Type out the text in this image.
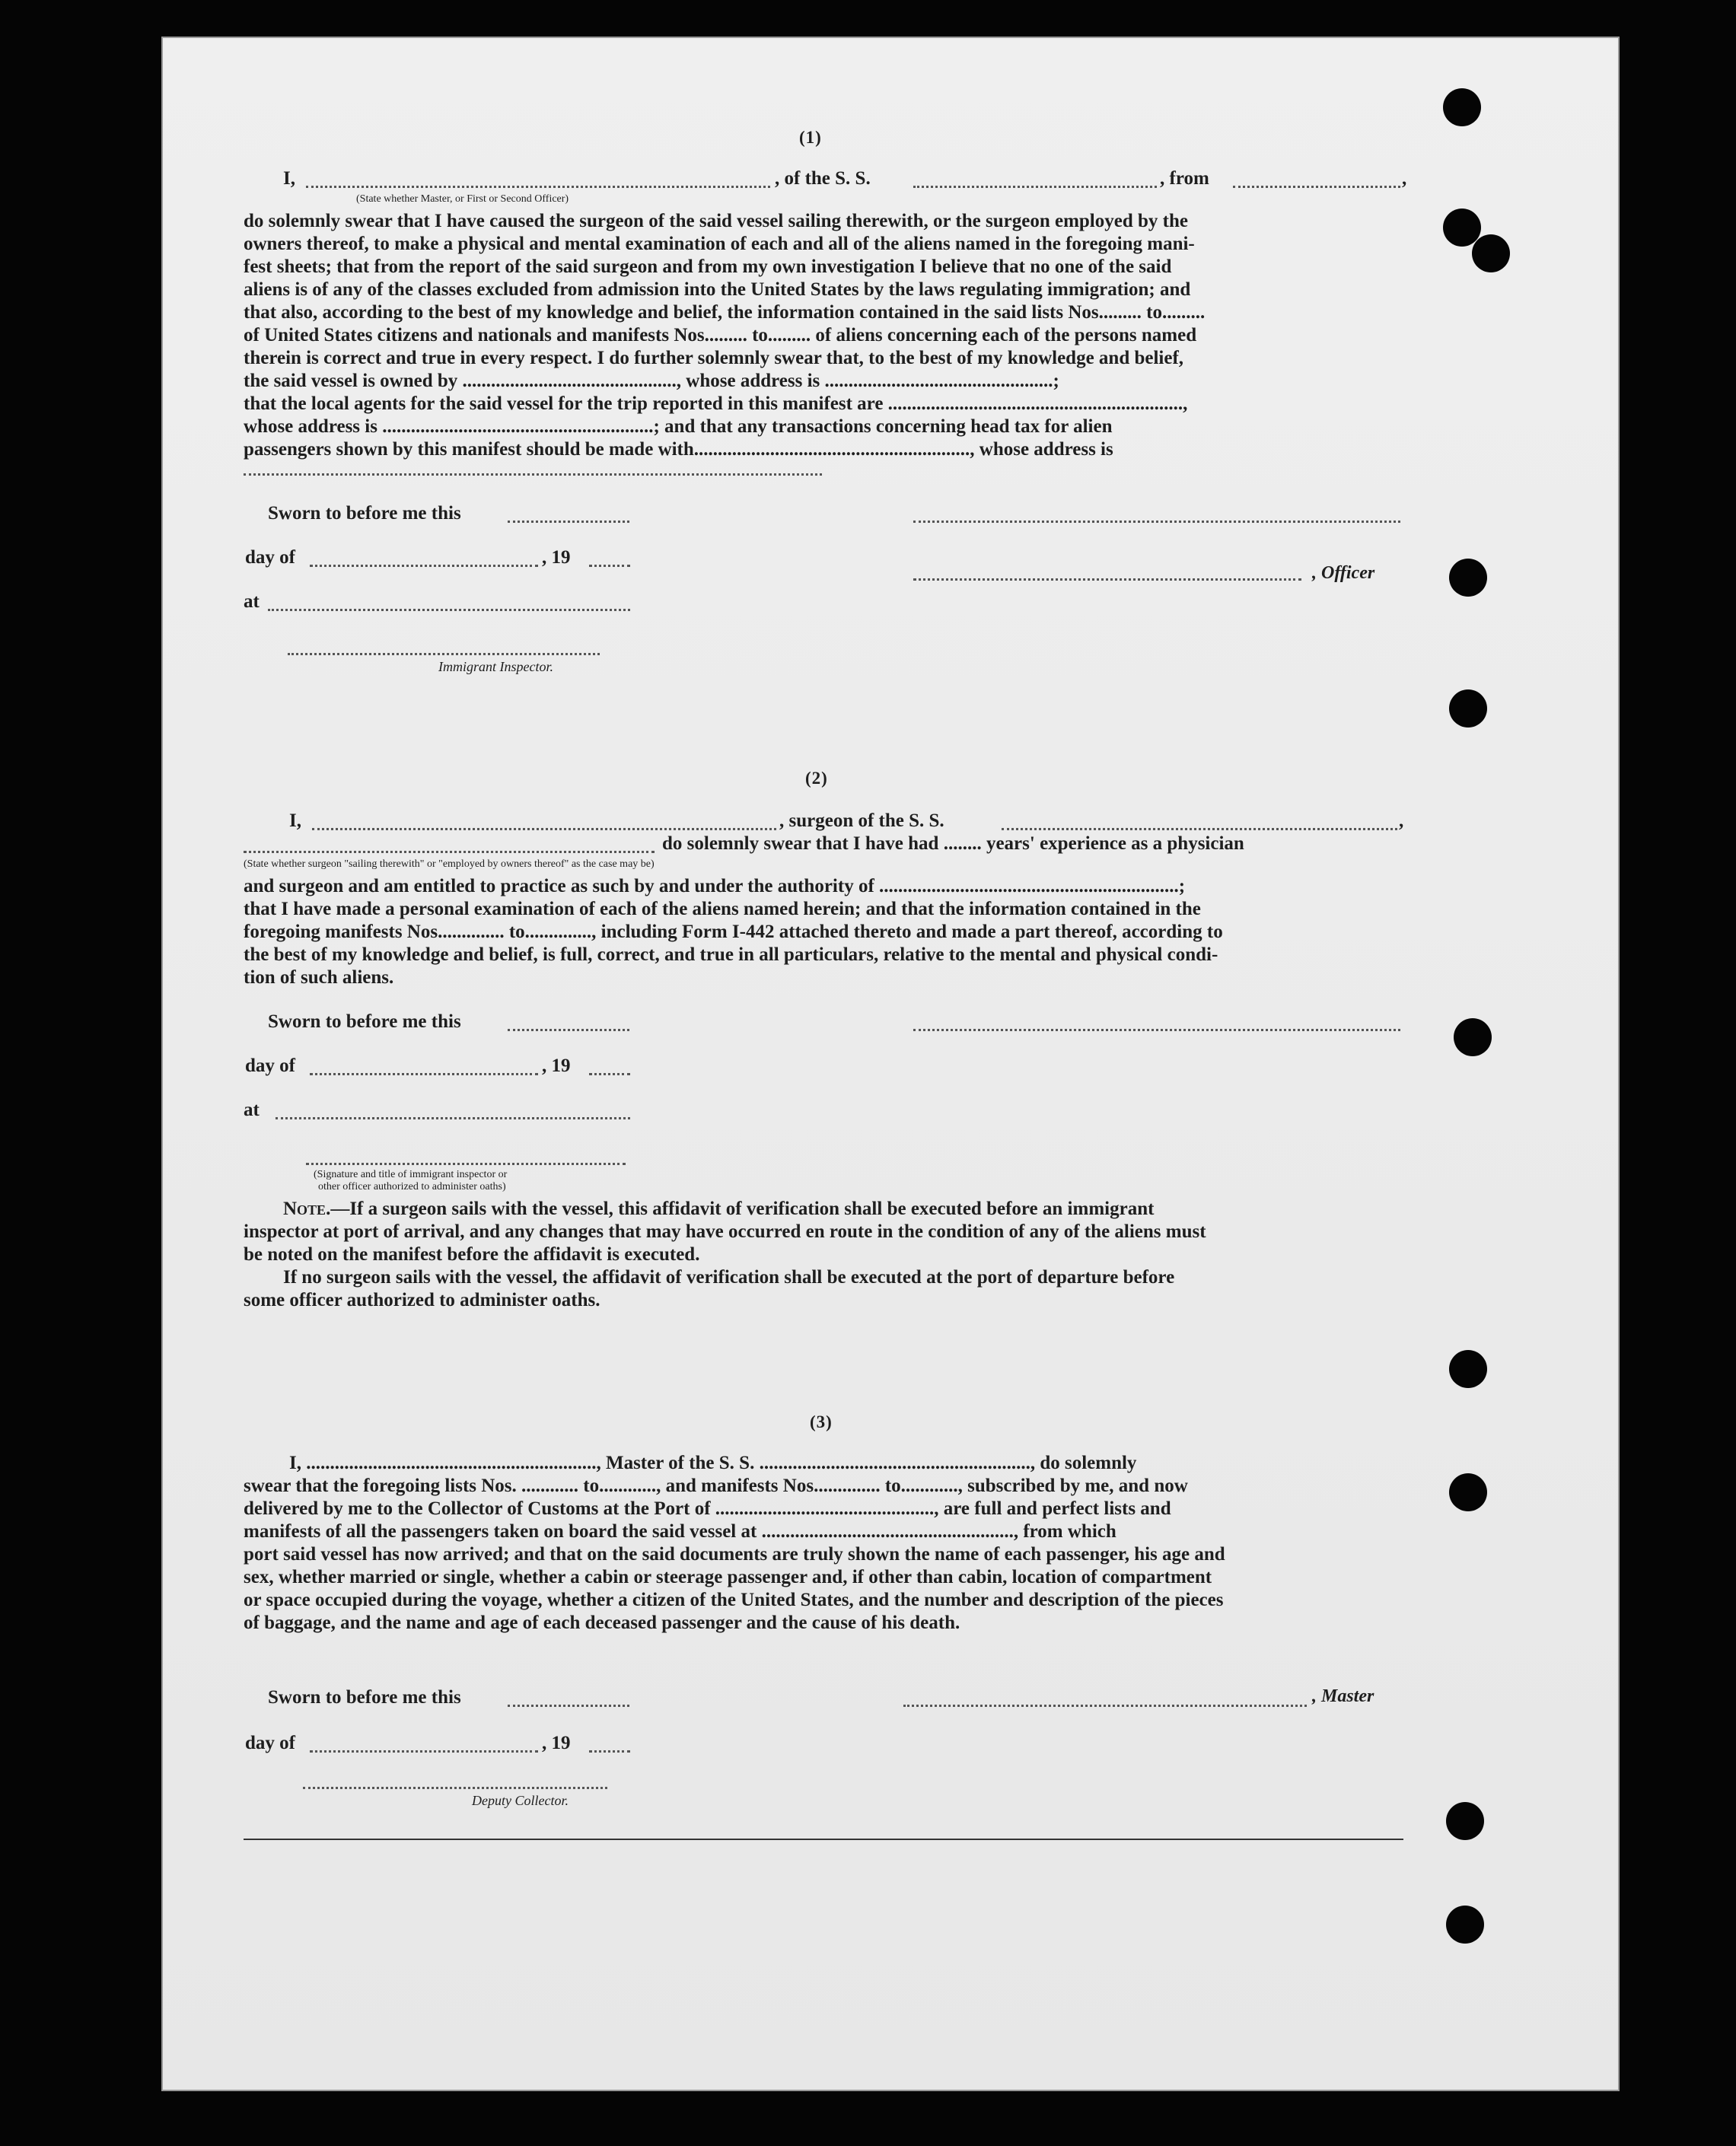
(1)
I,	, of the S. S.	, from	,
(State whether Master, or First or Second Officer)
do solemnly swear that I have caused the surgeon of the said vessel sailing therewith, or the surgeon employed by the
owners thereof, to make a physical and mental examination of each and all of the aliens named in the foregoing mani-
fest sheets; that from the report of the said surgeon and from my own investigation I believe that no one of the said
aliens is of any of the classes excluded from admission into the United States by the laws regulating immigration; and
that also, according to the best of my knowledge and belief, the information contained in the said lists Nos......... to.........
of United States citizens and nationals and manifests Nos......... to......... of aliens concerning each of the persons named
therein is correct and true in every respect. I do further solemnly swear that, to the best of my knowledge and belief,
the said vessel is owned by ............................................., whose address is ................................................;
that the local agents for the said vessel for the trip reported in this manifest are ..............................................................,
whose address is .........................................................; and that any transactions concerning head tax for alien
passengers shown by this manifest should be made with.........................................................., whose address is
Sworn to before me this
day of	, 19
, Officer
at
Immigrant Inspector.
(2)
I,	, surgeon of the S. S.	,
do solemnly swear that I have had ........ years' experience as a physician
(State whether surgeon "sailing therewith" or "employed by owners thereof" as the case may be)
and surgeon and am entitled to practice as such by and under the authority of ...............................................................;
that I have made a personal examination of each of the aliens named herein; and that the information contained in the
foregoing manifests Nos.............. to.............., including Form I-442 attached thereto and made a part thereof, according to
the best of my knowledge and belief, is full, correct, and true in all particulars, relative to the mental and physical condi-
tion of such aliens.
Sworn to before me this
day of	, 19
at
(Signature and title of immigrant inspector or
other officer authorized to administer oaths)
Note.—If a surgeon sails with the vessel, this affidavit of verification shall be executed before an immigrant
inspector at port of arrival, and any changes that may have occurred en route in the condition of any of the aliens must
be noted on the manifest before the affidavit is executed.
If no surgeon sails with the vessel, the affidavit of verification shall be executed at the port of departure before
some officer authorized to administer oaths.
(3)
I, ............................................................., Master of the S. S. ........................................................., do solemnly
swear that the foregoing lists Nos. ............ to............, and manifests Nos.............. to............, subscribed by me, and now
delivered by me to the Collector of Customs at the Port of .............................................., are full and perfect lists and
manifests of all the passengers taken on board the said vessel at ....................................................., from which
port said vessel has now arrived; and that on the said documents are truly shown the name of each passenger, his age and
sex, whether married or single, whether a cabin or steerage passenger and, if other than cabin, location of compartment
or space occupied during the voyage, whether a citizen of the United States, and the number and description of the pieces
of baggage, and the name and age of each deceased passenger and the cause of his death.
Sworn to before me this	, Master
day of	, 19
Deputy Collector.
